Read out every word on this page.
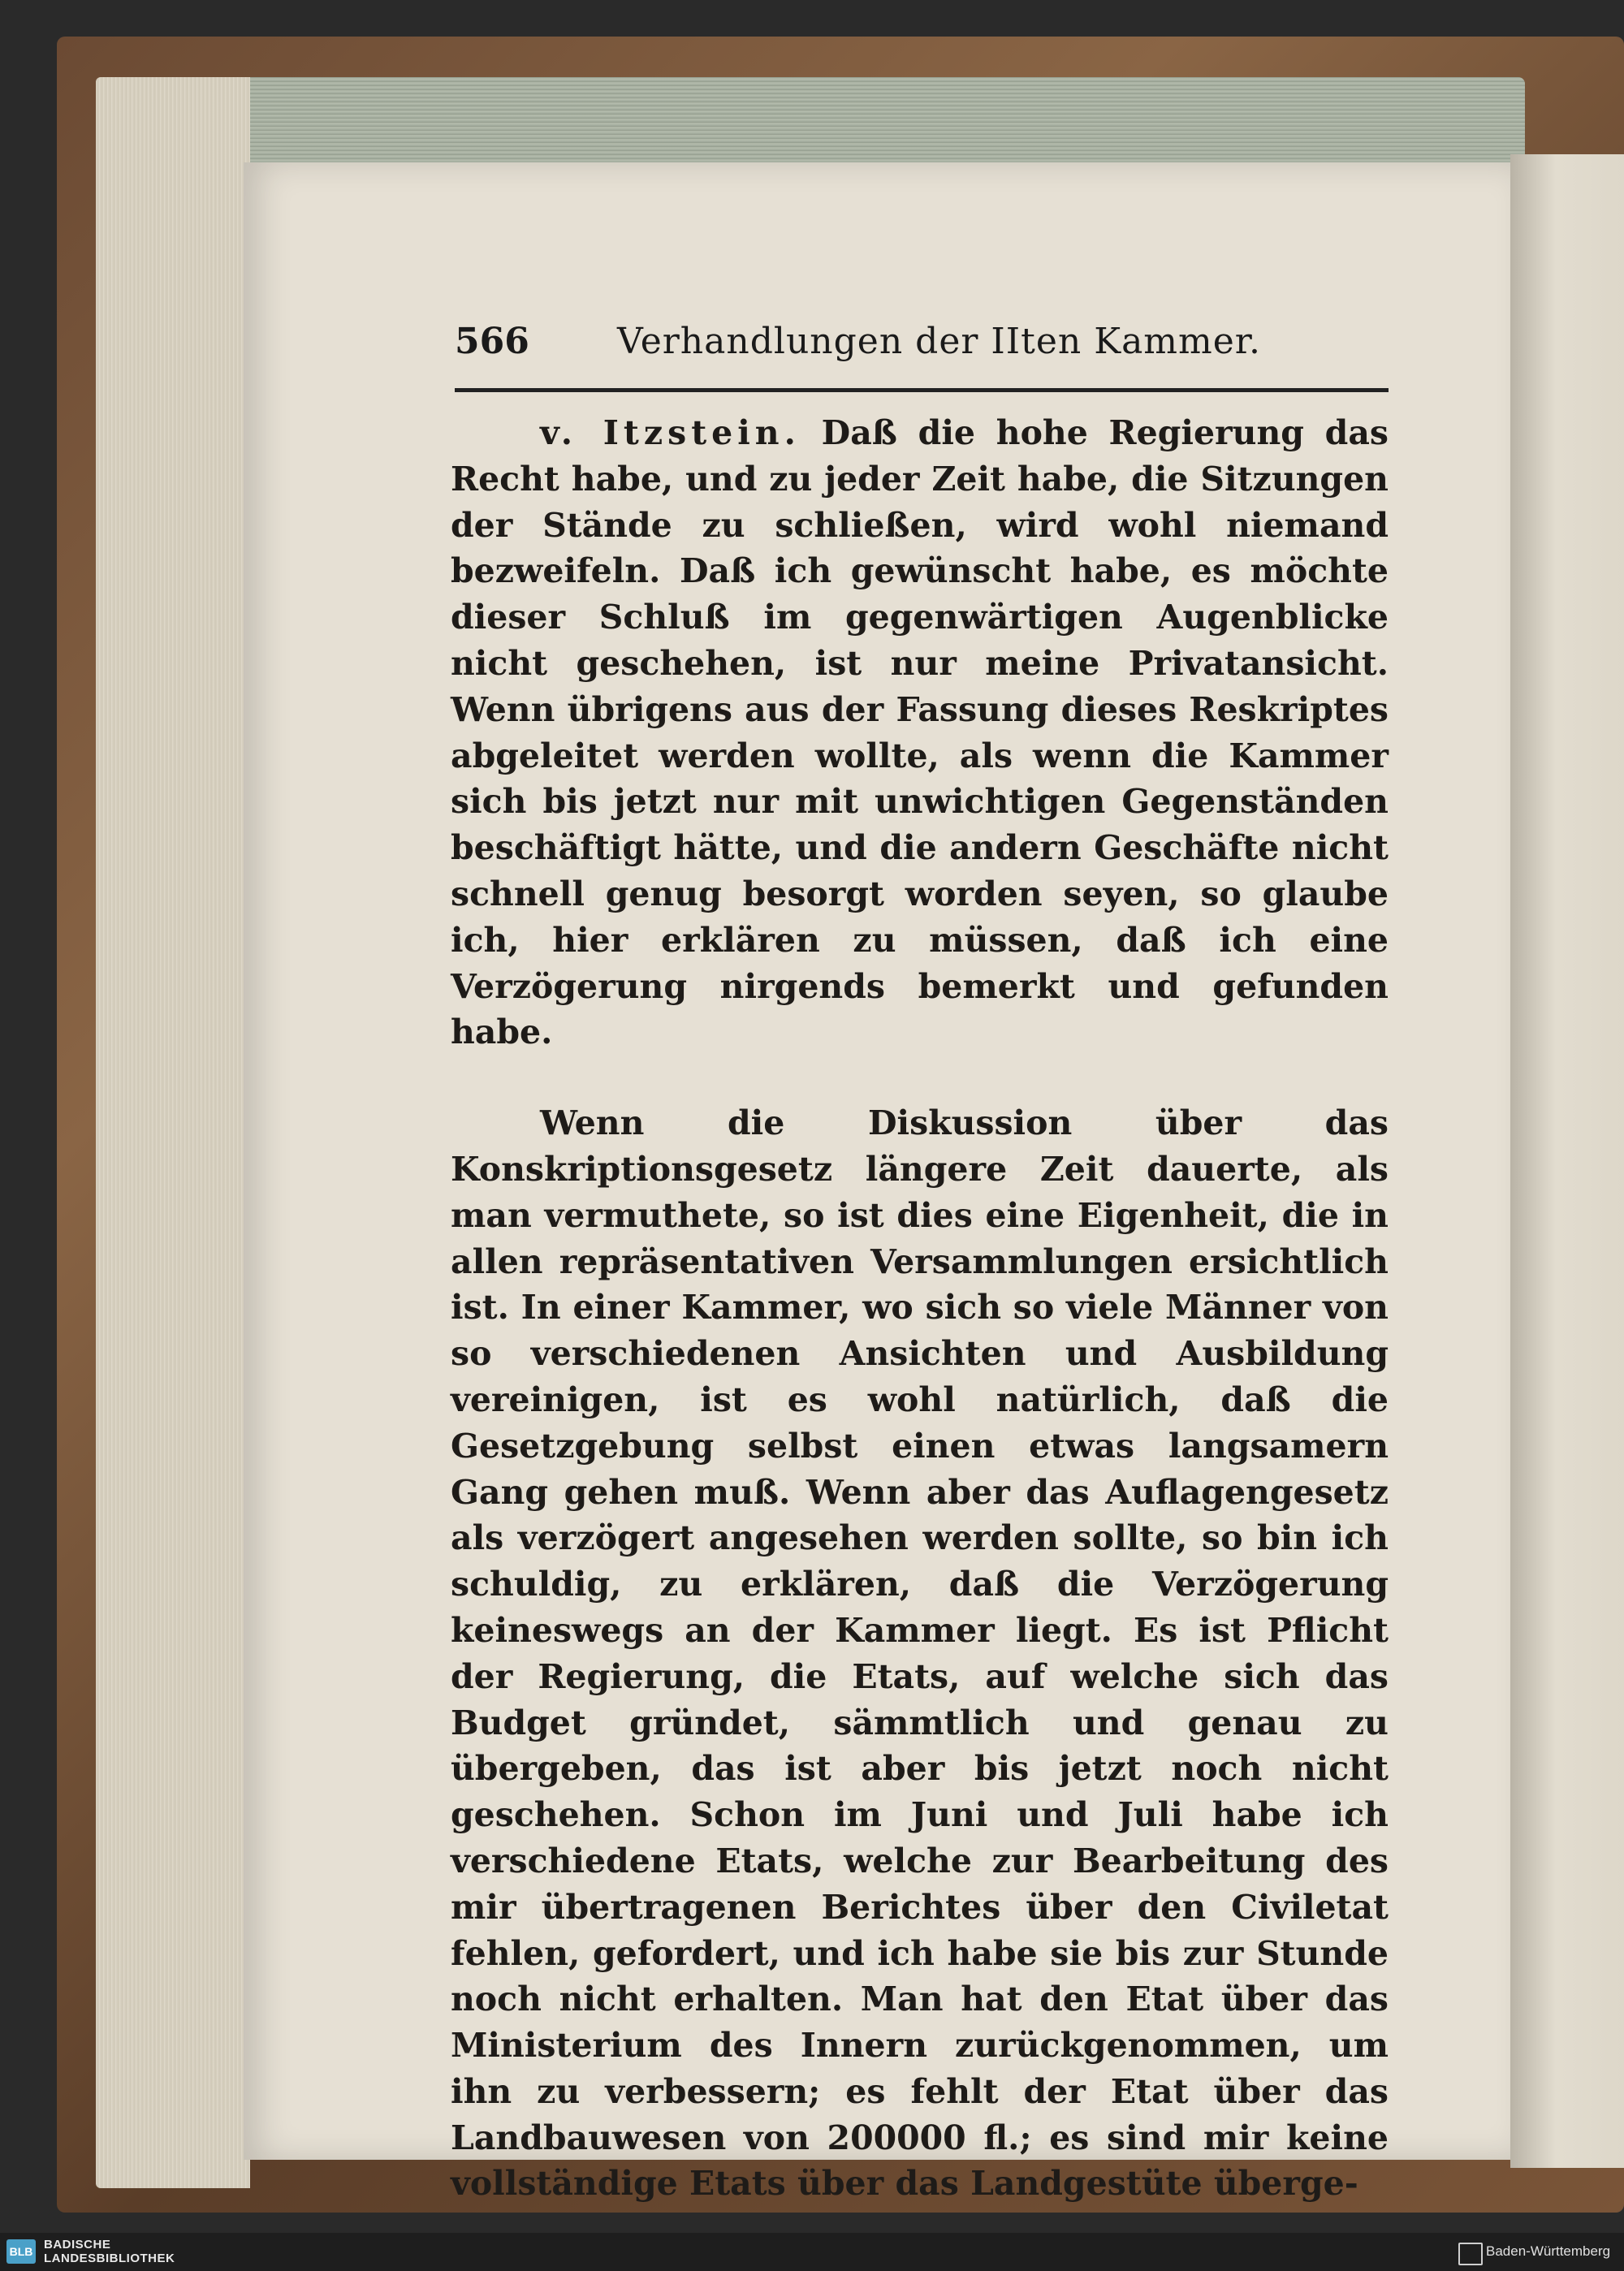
566	Verhandlungen der IIten Kammer.

v. Itzstein. Daß die hohe Regierung das Recht habe, und zu jeder Zeit habe, die Sitzungen der Stände zu schließen, wird wohl niemand bezweifeln. Daß ich gewünscht habe, es möchte dieser Schluß im gegenwärtigen Augenblicke nicht geschehen, ist nur meine Privatansicht. Wenn übrigens aus der Fassung dieses Reskriptes abgeleitet werden wollte, als wenn die Kammer sich bis jetzt nur mit unwichtigen Gegenständen beschäftigt hätte, und die andern Geschäfte nicht schnell genug besorgt worden seyen, so glaube ich, hier erklären zu müssen, daß ich eine Verzögerung nirgends bemerkt und gefunden habe.

Wenn die Diskussion über das Konskriptionsgesetz längere Zeit dauerte, als man vermuthete, so ist dies eine Eigenheit, die in allen repräsentativen Versammlungen ersichtlich ist. In einer Kammer, wo sich so viele Männer von so verschiedenen Ansichten und Ausbildung vereinigen, ist es wohl natürlich, daß die Gesetzgebung selbst einen etwas langsamern Gang gehen muß. Wenn aber das Auflagengesetz als verzögert angesehen werden sollte, so bin ich schuldig, zu erklären, daß die Verzögerung keineswegs an der Kammer liegt. Es ist Pflicht der Regierung, die Etats, auf welche sich das Budget gründet, sämmtlich und genau zu übergeben, das ist aber bis jetzt noch nicht geschehen. Schon im Juni und Juli habe ich verschiedene Etats, welche zur Bearbeitung des mir übertragenen Berichtes über den Civiletat fehlen, gefordert, und ich habe sie bis zur Stunde noch nicht erhalten. Man hat den Etat über das Ministerium des Innern zurückgenommen, um ihn zu verbessern; es fehlt der Etat über das Landbauwesen von 200000 fl.; es sind mir keine vollständige Etats über das Landgestüte überge-

BLB BADISCHE
LANDESBIBLIOTHEK	Baden-Württemberg
